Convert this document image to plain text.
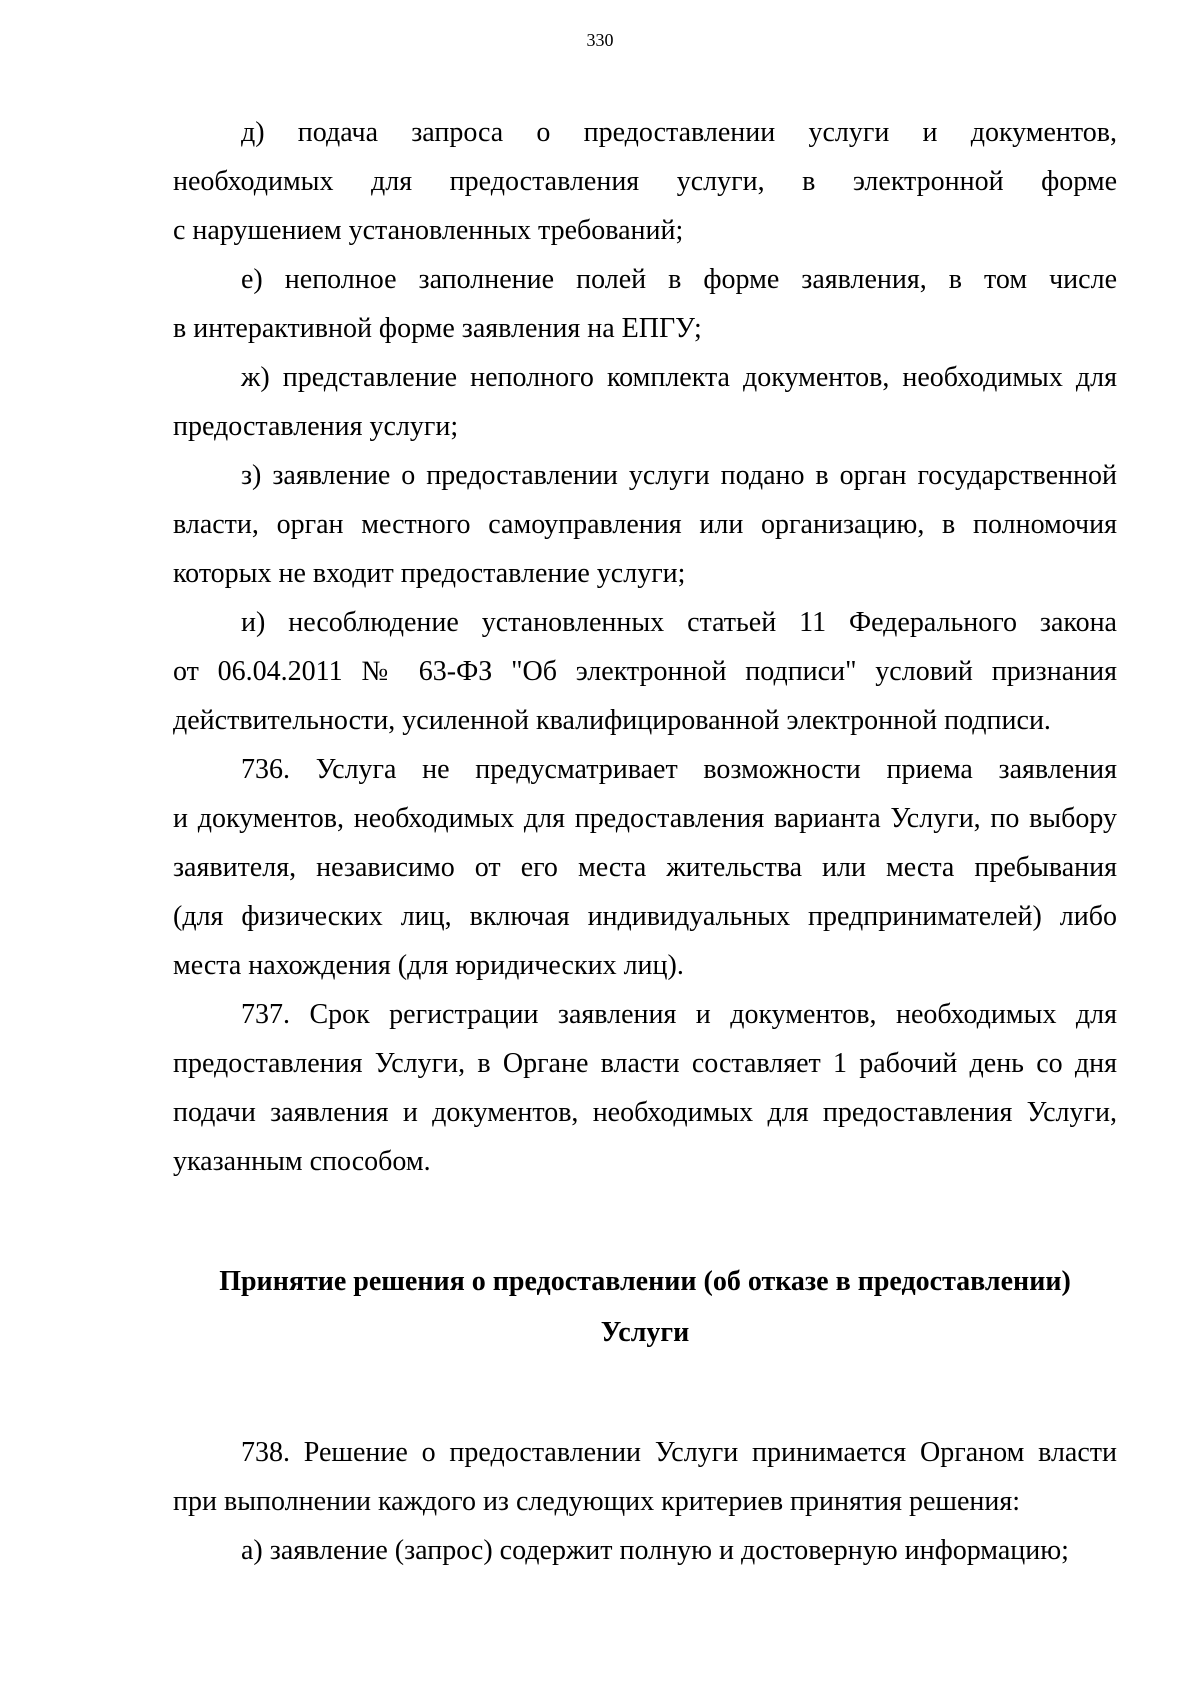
330
д) подача запроса о предоставлении услуги и документов,
необходимых для предоставления услуги, в электронной форме
с нарушением установленных требований;
е) неполное заполнение полей в форме заявления, в том числе
в интерактивной форме заявления на ЕПГУ;
ж) представление неполного комплекта документов, необходимых для
предоставления услуги;
з) заявление о предоставлении услуги подано в орган государственной
власти, орган местного самоуправления или организацию, в полномочия
которых не входит предоставление услуги;
и) несоблюдение установленных статьей 11 Федерального закона
от 06.04.2011 № 63-ФЗ "Об электронной подписи" условий признания
действительности, усиленной квалифицированной электронной подписи.
736. Услуга не предусматривает возможности приема заявления
и документов, необходимых для предоставления варианта Услуги, по выбору
заявителя, независимо от его места жительства или места пребывания
(для физических лиц, включая индивидуальных предпринимателей) либо
места нахождения (для юридических лиц).
737. Срок регистрации заявления и документов, необходимых для
предоставления Услуги, в Органе власти составляет 1 рабочий день со дня
подачи заявления и документов, необходимых для предоставления Услуги,
указанным способом.
Принятие решения о предоставлении (об отказе в предоставлении)
Услуги
738. Решение о предоставлении Услуги принимается Органом власти
при выполнении каждого из следующих критериев принятия решения:
а) заявление (запрос) содержит полную и достоверную информацию;
